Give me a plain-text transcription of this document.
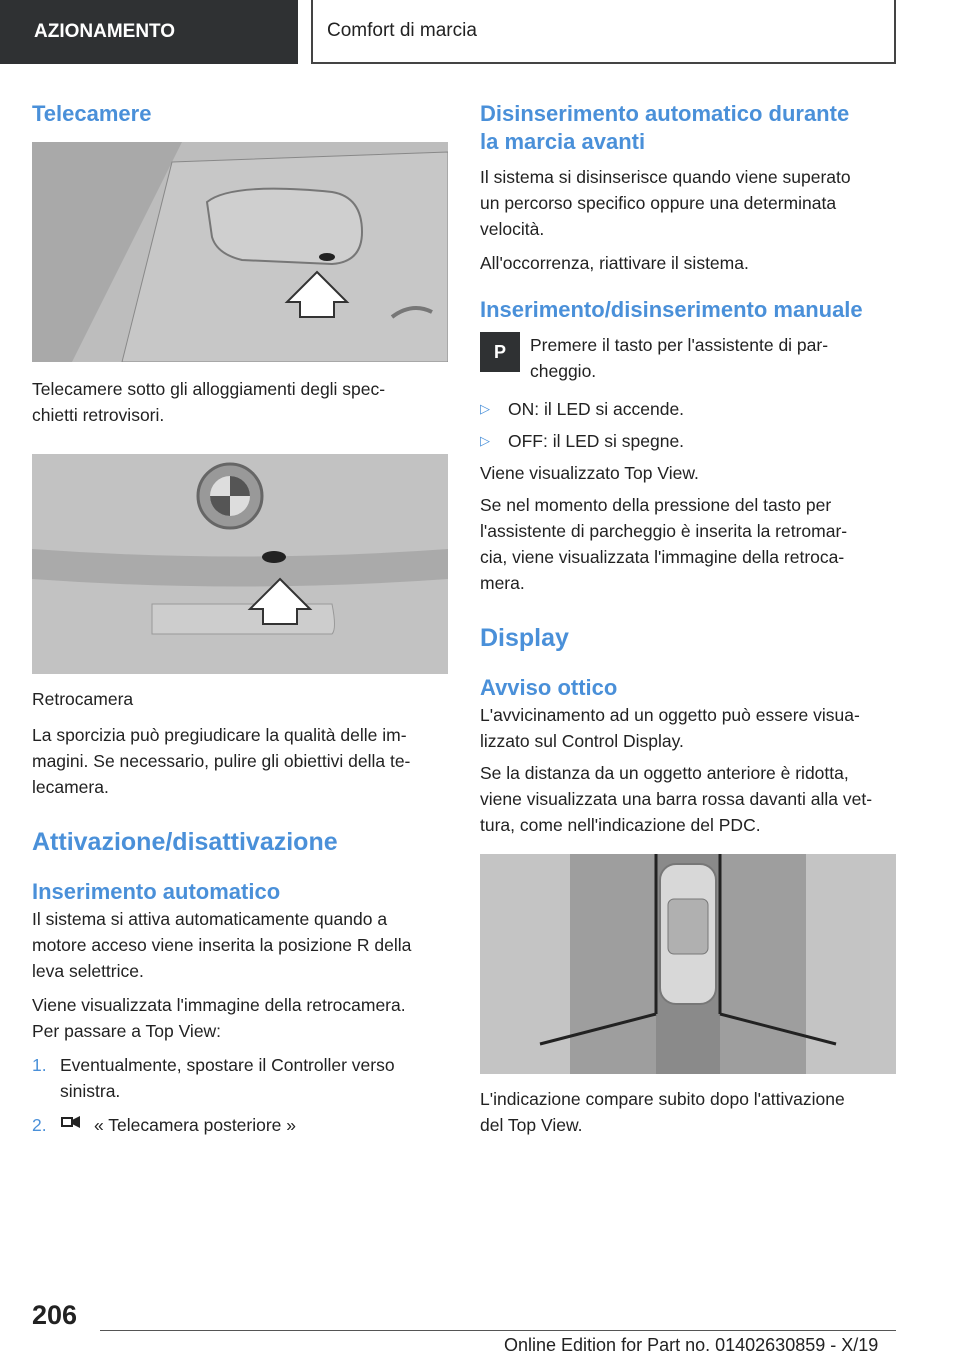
AZIONAMENTO	Comfort di marcia
Telecamere

Telecamere sotto gli alloggiamenti degli spec-
chietti retrovisori.

Retrocamera

La sporcizia può pregiudicare la qualità delle im-
magini. Se necessario, pulire gli obiettivi della te-
lecamera.

Attivazione/disattivazione
Inserimento automatico

Il sistema si attiva automaticamente quando a
motore acceso viene inserita la posizione R della
leva selettrice.

Viene visualizzata l'immagine della retrocamera.
Per passare a Top View:

1. Eventualmente, spostare il Controller verso
sinistra.
2.	« Telecamera posteriore »
Disinserimento automatico durante
la marcia avanti

Il sistema si disinserisce quando viene superato
un percorso specifico oppure una determinata
velocità.

All'occorrenza, riattivare il sistema.

Inserimento/disinserimento manuale
P	Premere il tasto per l'assistente di par-
cheggio.

▷	ON: il LED si accende.
▷	OFF: il LED si spegne.

Viene visualizzato Top View.

Se nel momento della pressione del tasto per
l'assistente di parcheggio è inserita la retromar-
cia, viene visualizzata l'immagine della retroca-
mera.

Display
Avviso ottico

L'avvicinamento ad un oggetto può essere visua-
lizzato sul Control Display.

Se la distanza da un oggetto anteriore è ridotta,
viene visualizzata una barra rossa davanti alla vet-
tura, come nell'indicazione del PDC.

L'indicazione compare subito dopo l'attivazione
del Top View.

206
Online Edition for Part no. 01402630859 - X/19
